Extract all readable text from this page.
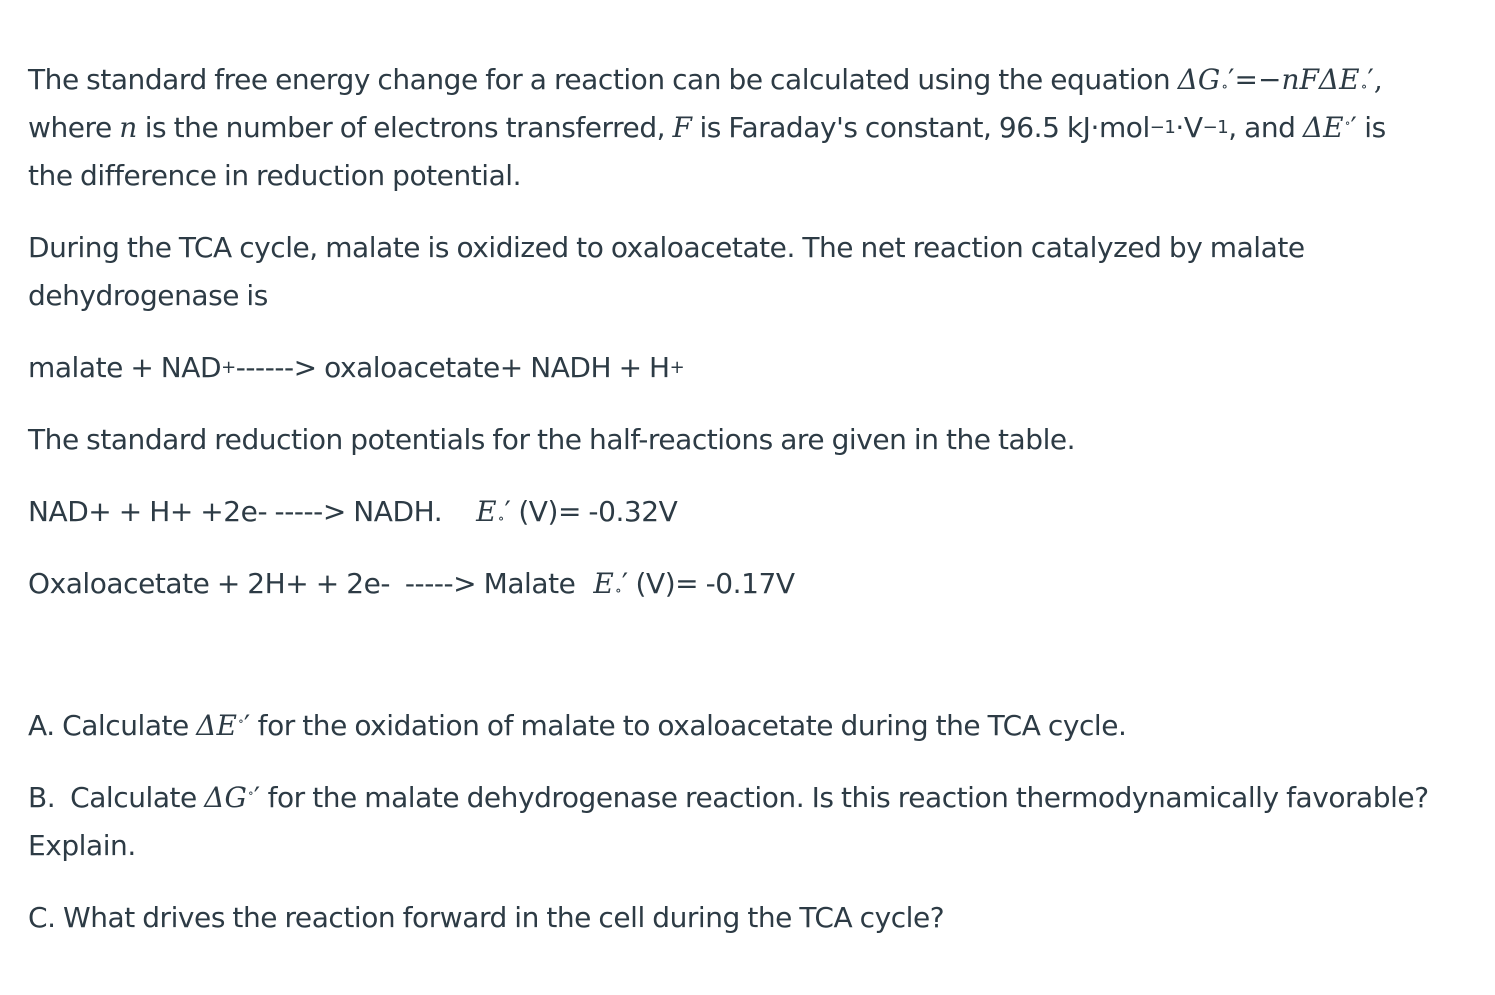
The standard free energy change for a reaction can be calculated using the equation ΔG∘′=−nFΔE∘′,

where n is the number of electrons transferred, F is Faraday's constant, 96.5 $kJ\cdot mol^{-1}\cdot V^{-1}$, and ΔE∘′ is

the difference in reduction potential.

During the TCA cycle, malate is oxidized to oxaloacetate. The net reaction catalyzed by malate

dehydrogenase is

malate + NAD+------> oxaloacetate+ NADH + H+

The standard reduction potentials for the half-reactions are given in the table.

NAD+ + H+ +2e- -----> NADH. E∘′ (V)= -0.32V

Oxaloacetate + 2H+ + 2e-  -----> Malate E∘′ (V)= -0.17V

A. Calculate ΔE∘′ for the oxidation of malate to oxaloacetate during the TCA cycle.

B.  Calculate ΔG∘′ for the malate dehydrogenase reaction. Is this reaction thermodynamically favorable?

Explain.

C. What drives the reaction forward in the cell during the TCA cycle?
